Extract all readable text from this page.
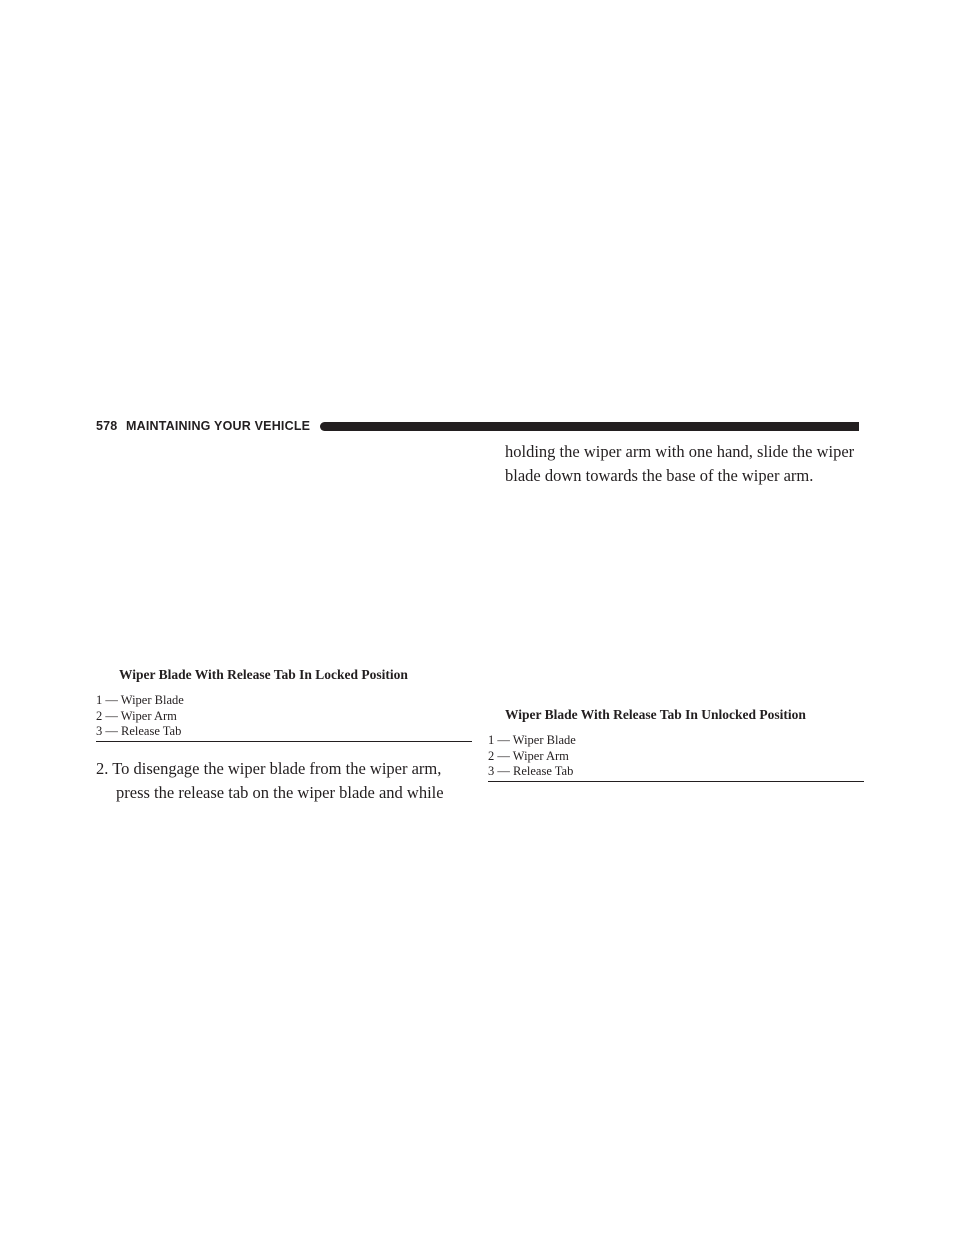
578 MAINTAINING YOUR VEHICLE
Wiper Blade With Release Tab In Locked Position
1 — Wiper Blade
2 — Wiper Arm
3 — Release Tab
2. To disengage the wiper blade from the wiper arm,
press the release tab on the wiper blade and while
holding the wiper arm with one hand, slide the wiper
blade down towards the base of the wiper arm.
Wiper Blade With Release Tab In Unlocked Position
1 — Wiper Blade
2 — Wiper Arm
3 — Release Tab
